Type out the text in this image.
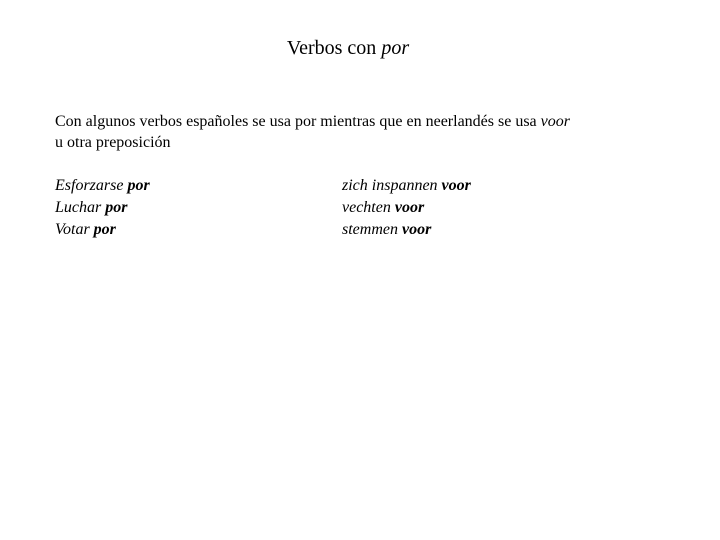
Verbos con por
Con algunos verbos españoles se usa por mientras que en neerlandés se usa voor
u otra preposición
Esforzarse por
Luchar por
Votar por
zich inspannen voor
vechten voor
stemmen voor
